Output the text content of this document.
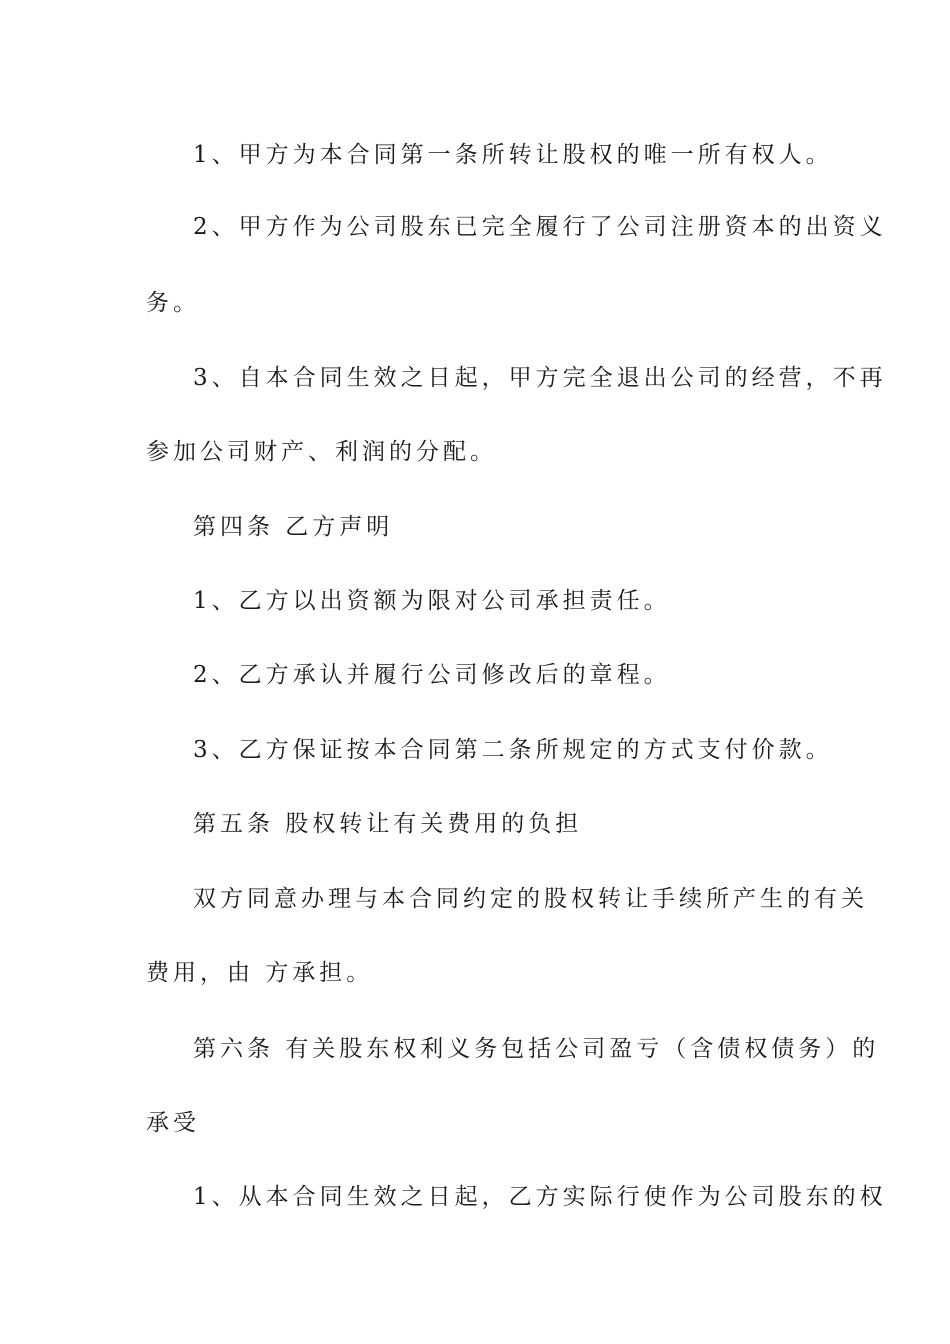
1、甲方为本合同第一条所转让股权的唯一所有权人。
2、甲方作为公司股东已完全履行了公司注册资本的出资义
务。
3、自本合同生效之日起，甲方完全退出公司的经营，不再
参加公司财产、利润的分配。
第四条 乙方声明
1、乙方以出资额为限对公司承担责任。
2、乙方承认并履行公司修改后的章程。
3、乙方保证按本合同第二条所规定的方式支付价款。
第五条 股权转让有关费用的负担
双方同意办理与本合同约定的股权转让手续所产生的有关
费用，由 方承担。
第六条 有关股东权利义务包括公司盈亏（含债权债务）的
承受
1、从本合同生效之日起，乙方实际行使作为公司股东的权
